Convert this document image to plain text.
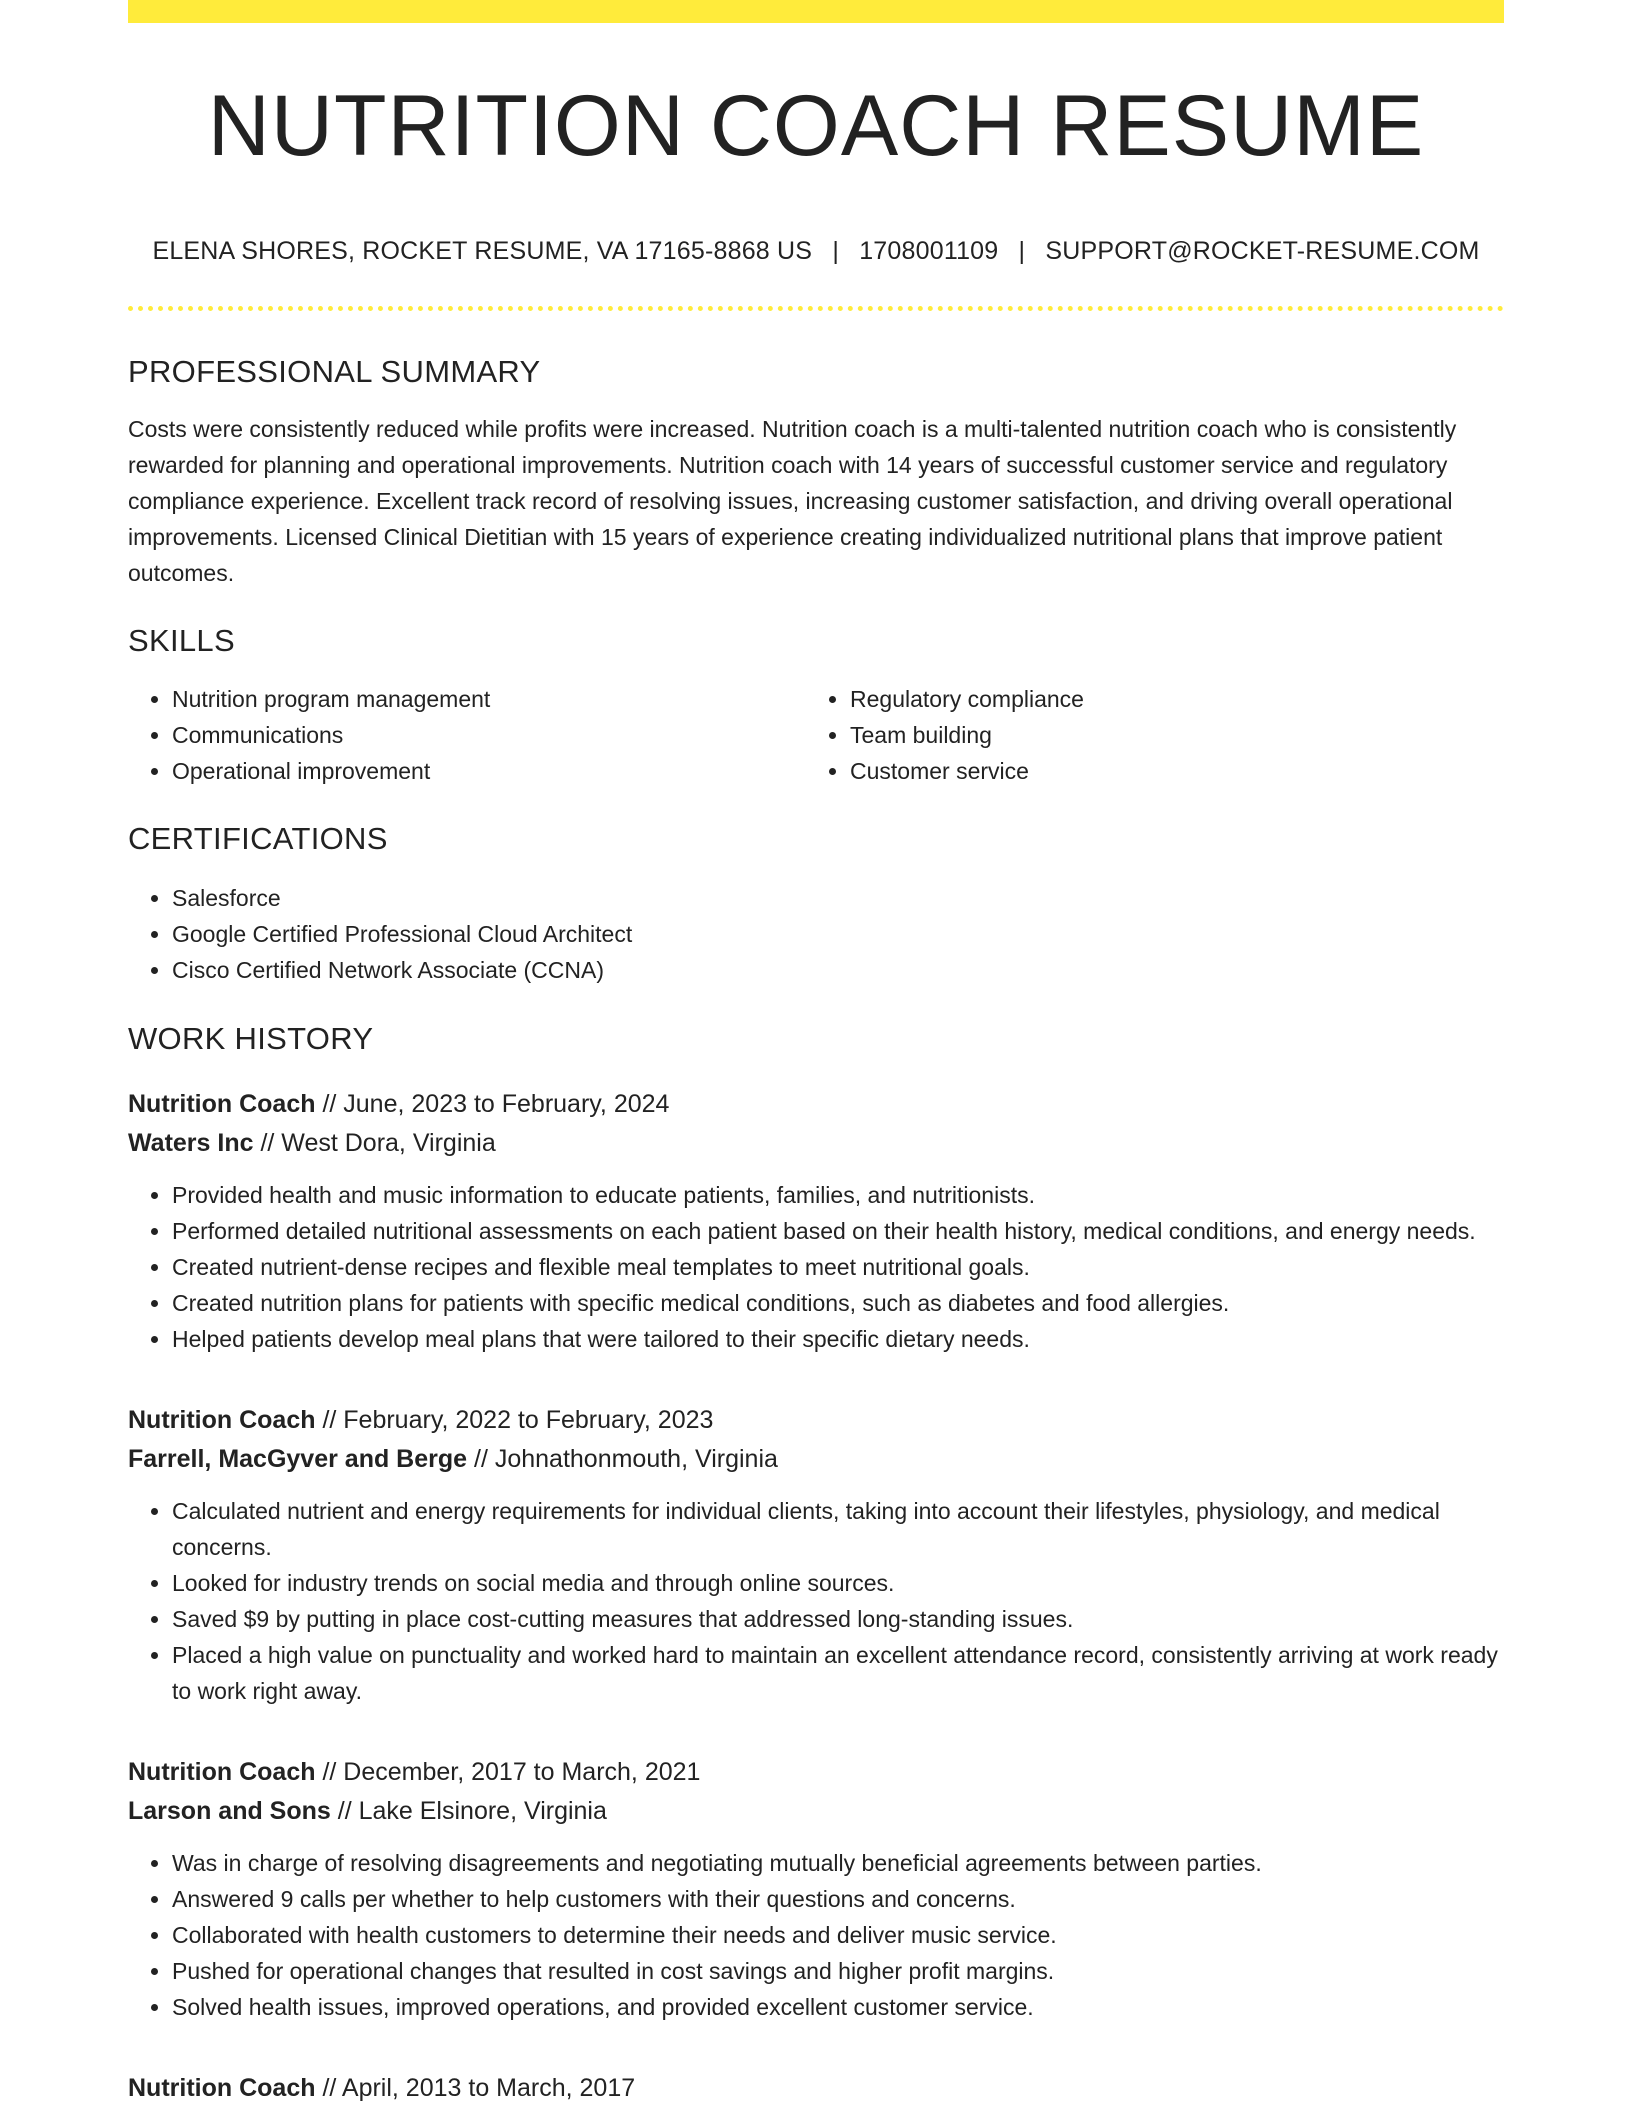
NUTRITION COACH RESUME
ELENA SHORES, ROCKET RESUME, VA 17165-8868 US | 1708001109 | SUPPORT@ROCKET-RESUME.COM
PROFESSIONAL SUMMARY
Costs were consistently reduced while profits were increased. Nutrition coach is a multi-talented nutrition coach who is consistently rewarded for planning and operational improvements. Nutrition coach with 14 years of successful customer service and regulatory compliance experience. Excellent track record of resolving issues, increasing customer satisfaction, and driving overall operational improvements. Licensed Clinical Dietitian with 15 years of experience creating individualized nutritional plans that improve patient outcomes.
SKILLS
• Nutrition program management
• Communications
• Operational improvement
• Regulatory compliance
• Team building
• Customer service
CERTIFICATIONS
• Salesforce
• Google Certified Professional Cloud Architect
• Cisco Certified Network Associate (CCNA)
WORK HISTORY
Nutrition Coach // June, 2023 to February, 2024
Waters Inc // West Dora, Virginia
• Provided health and music information to educate patients, families, and nutritionists.
• Performed detailed nutritional assessments on each patient based on their health history, medical conditions, and energy needs.
• Created nutrient-dense recipes and flexible meal templates to meet nutritional goals.
• Created nutrition plans for patients with specific medical conditions, such as diabetes and food allergies.
• Helped patients develop meal plans that were tailored to their specific dietary needs.
Nutrition Coach // February, 2022 to February, 2023
Farrell, MacGyver and Berge // Johnathonmouth, Virginia
• Calculated nutrient and energy requirements for individual clients, taking into account their lifestyles, physiology, and medical concerns.
• Looked for industry trends on social media and through online sources.
• Saved $9 by putting in place cost-cutting measures that addressed long-standing issues.
• Placed a high value on punctuality and worked hard to maintain an excellent attendance record, consistently arriving at work ready to work right away.
Nutrition Coach // December, 2017 to March, 2021
Larson and Sons // Lake Elsinore, Virginia
• Was in charge of resolving disagreements and negotiating mutually beneficial agreements between parties.
• Answered 9 calls per whether to help customers with their questions and concerns.
• Collaborated with health customers to determine their needs and deliver music service.
• Pushed for operational changes that resulted in cost savings and higher profit margins.
• Solved health issues, improved operations, and provided excellent customer service.
Nutrition Coach // April, 2013 to March, 2017
